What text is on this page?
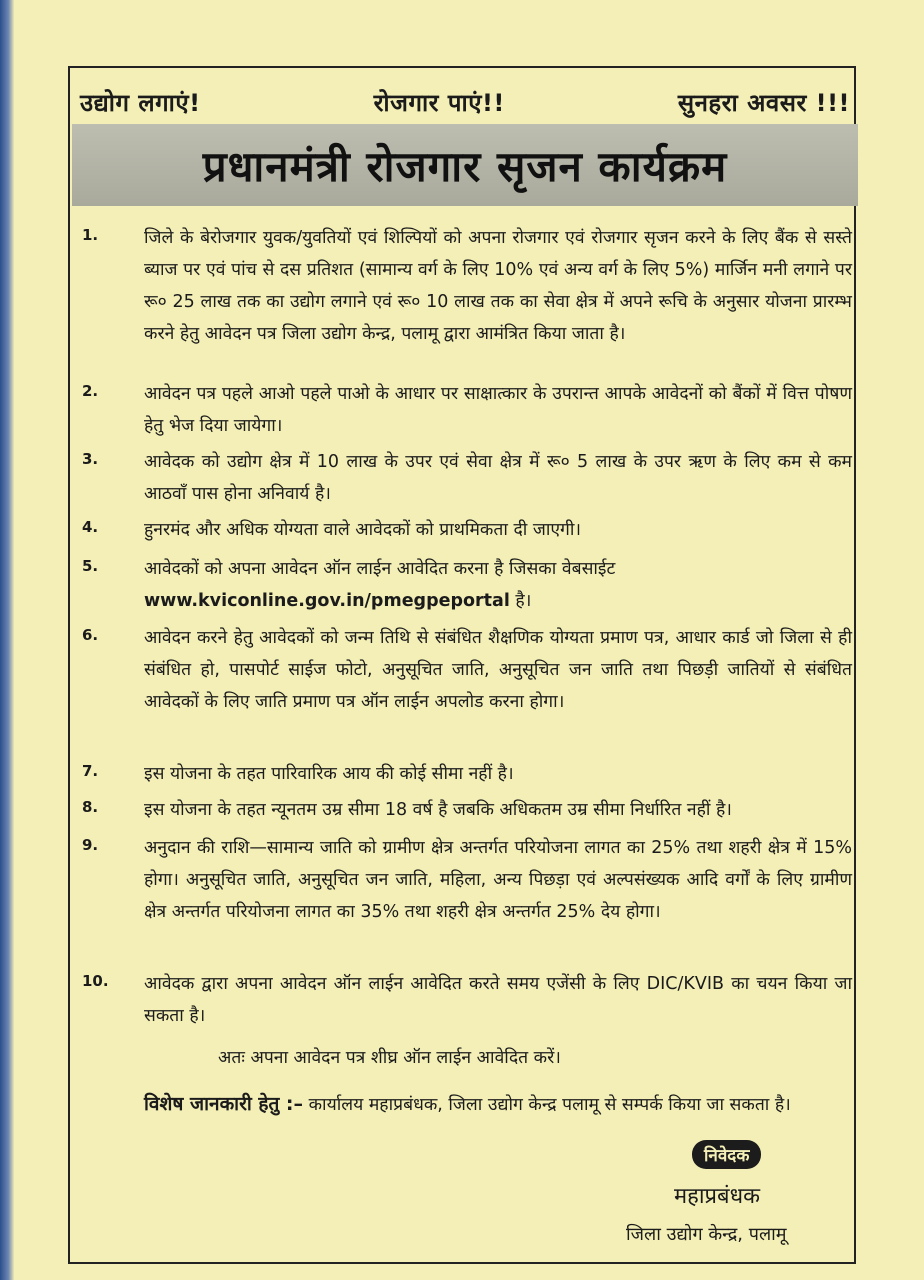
उद्योग लगाएं!	रोजगार पाएं!!	सुनहरा अवसर !!!
प्रधानमंत्री रोजगार सृजन कार्यक्रम
1.	जिले के बेरोजगार युवक/युवतियों एवं शिल्पियों को अपना रोजगार एवं रोजगार सृजन करने के लिए बैंक से सस्ते ब्याज पर एवं पांच से दस प्रतिशत (सामान्य वर्ग के लिए 10% एवं अन्य वर्ग के लिए 5%) मार्जिन मनी लगाने पर रू० 25 लाख तक का उद्योग लगाने एवं रू० 10 लाख तक का सेवा क्षेत्र में अपने रूचि के अनुसार योजना प्रारम्भ करने हेतु आवेदन पत्र जिला उद्योग केन्द्र, पलामू द्वारा आमंत्रित किया जाता है।
2.	आवेदन पत्र पहले आओ पहले पाओ के आधार पर साक्षात्कार के उपरान्त आपके आवेदनों को बैंकों में वित्त पोषण हेतु भेज दिया जायेगा।
3.	आवेदक को उद्योग क्षेत्र में 10 लाख के उपर एवं सेवा क्षेत्र में रू० 5 लाख के उपर ऋण के लिए कम से कम आठवाँ पास होना अनिवार्य है।
4.	हुनरमंद और अधिक योग्यता वाले आवेदकों को प्राथमिकता दी जाएगी।
5.	आवेदकों को अपना आवेदन ऑन लाईन आवेदित करना है जिसका वेबसाईट
www.kviconline.gov.in/pmegpeportal है।
6.	आवेदन करने हेतु आवेदकों को जन्म तिथि से संबंधित शैक्षणिक योग्यता प्रमाण पत्र, आधार कार्ड जो जिला से ही संबंधित हो, पासपोर्ट साईज फोटो, अनुसूचित जाति, अनुसूचित जन जाति तथा पिछड़ी जातियों से संबंधित आवेदकों के लिए जाति प्रमाण पत्र ऑन लाईन अपलोड करना होगा।
7.	इस योजना के तहत पारिवारिक आय की कोई सीमा नहीं है।
8.	इस योजना के तहत न्यूनतम उम्र सीमा 18 वर्ष है जबकि अधिकतम उम्र सीमा निर्धारित नहीं है।
9.	अनुदान की राशि—सामान्य जाति को ग्रामीण क्षेत्र अन्तर्गत परियोजना लागत का 25% तथा शहरी क्षेत्र में 15% होगा। अनुसूचित जाति, अनुसूचित जन जाति, महिला, अन्य पिछड़ा एवं अल्पसंख्यक आदि वर्गों के लिए ग्रामीण क्षेत्र अन्तर्गत परियोजना लागत का 35% तथा शहरी क्षेत्र अन्तर्गत 25% देय होगा।
10.	आवेदक द्वारा अपना आवेदन ऑन लाईन आवेदित करते समय एजेंसी के लिए DIC/KVIB का चयन किया जा सकता है।
अतः अपना आवेदन पत्र शीघ्र ऑन लाईन आवेदित करें।
विशेष जानकारी हेतु :– कार्यालय महाप्रबंधक, जिला उद्योग केन्द्र पलामू से सम्पर्क किया जा सकता है।
निवेदक
महाप्रबंधक
जिला उद्योग केन्द्र, पलामू
